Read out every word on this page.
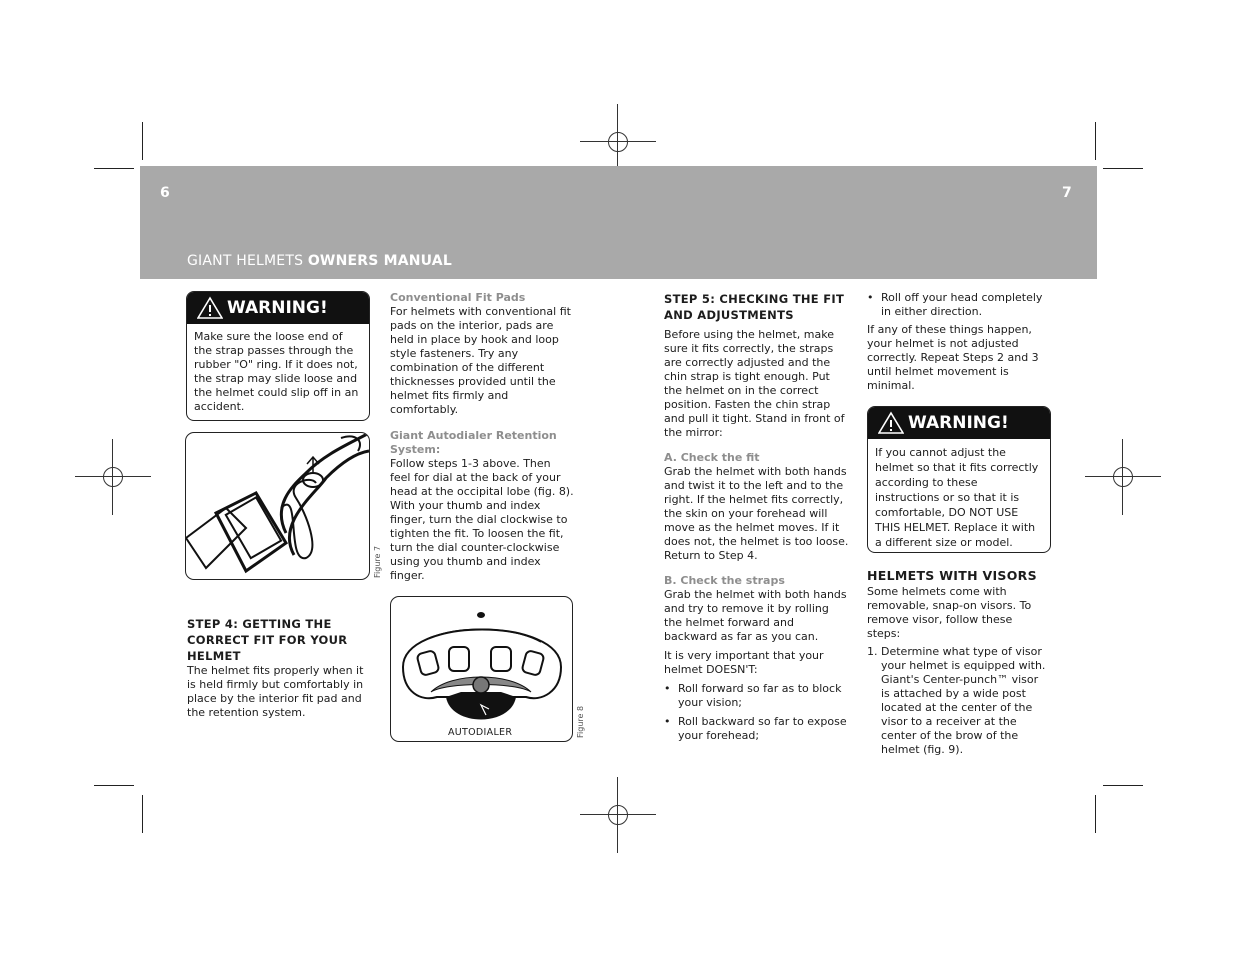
6	7
GIANT HELMETS OWNERS MANUAL
WARNING!
Make sure the loose end of the strap passes through the rubber "O" ring. If it does not, the strap may slide loose and the helmet could slip off in an accident.
Figure 7

STEP 4: GETTING THE CORRECT FIT FOR YOUR HELMET

The helmet fits properly when it is held firmly but comfortably in place by the interior fit pad and the retention system.

Conventional Fit Pads

For helmets with conventional fit pads on the interior, pads are held in place by hook and loop style fasteners. Try any combination of the different thicknesses provided until the helmet fits firmly and comfortably.

Giant Autodialer Retention System:

Follow steps 1-3 above. Then feel for dial at the back of your head at the occipital lobe (fig. 8). With your thumb and index finger, turn the dial clockwise to tighten the fit. To loosen the fit, turn the dial counter-clockwise using you thumb and index finger.

AUTODIALER	Figure 8

STEP 5: CHECKING THE FIT AND ADJUSTMENTS

Before using the helmet, make sure it fits correctly, the straps are correctly adjusted and the chin strap is tight enough. Put the helmet on in the correct position. Fasten the chin strap and pull it tight. Stand in front of the mirror:

A. Check the fit

Grab the helmet with both hands and twist it to the left and to the right. If the helmet fits correctly, the skin on your forehead will move as the helmet moves. If it does not, the helmet is too loose. Return to Step 4.

B. Check the straps

Grab the helmet with both hands and try to remove it by rolling the helmet forward and backward as far as you can.

It is very important that your helmet DOESN'T:

• Roll forward so far as to block your vision;
• Roll backward so far to expose your forehead;
• Roll off your head completely in either direction.

If any of these things happen, your helmet is not adjusted correctly. Repeat Steps 2 and 3 until helmet movement is minimal.

WARNING!
If you cannot adjust the helmet so that it fits correctly according to these instructions or so that it is comfortable, DO NOT USE THIS HELMET. Replace it with a different size or model.

HELMETS WITH VISORS

Some helmets come with removable, snap-on visors. To remove visor, follow these steps:

1. Determine what type of visor your helmet is equipped with. Giant's Center-punch™ visor is attached by a wide post located at the center of the visor to a receiver at the center of the brow of the helmet (fig. 9).
